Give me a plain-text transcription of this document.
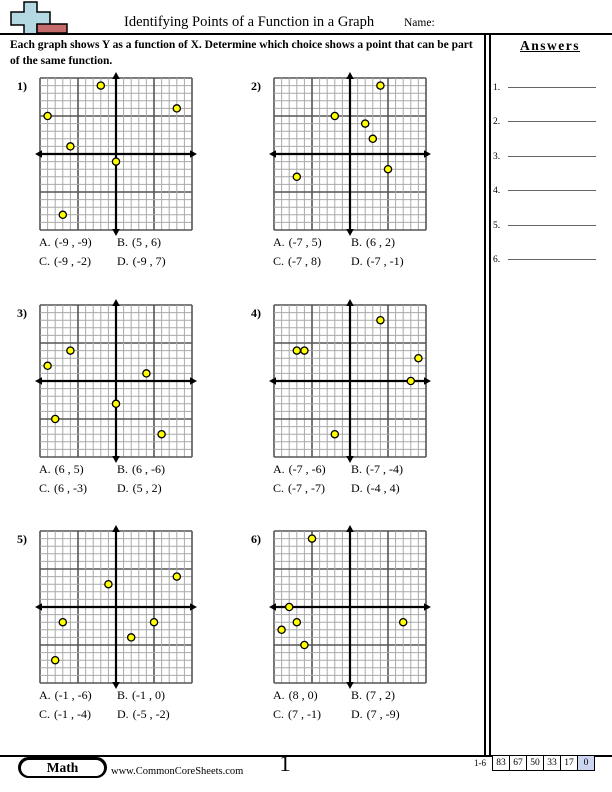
Identifying Points of a Function in a Graph	Name:
Each graph shows Y as a function of X. Determine which choice shows a point that can be part of the same function.
Answers
1.
2.
3.
4.
5.
6.
1)
A. (-9 , -9) B. (5 , 6)
C. (-9 , -2) D. (-9 , 7)
2)
A. (-7 , 5) B. (6 , 2)
C. (-7 , 8) D. (-7 , -1)
3)
A. (6 , 5)	B. (6 , -6)
C. (6 , -3) D. (5 , 2)
4)
A. (-7 , -6) B. (-7 , -4)
C. (-7 , -7) D. (-4 , 4)
5)
A. (-1 , -6) B. (-1 , 0)
C. (-1 , -4) D. (-5 , -2)
6)
A. (8 , 0)	B. (7 , 2)
C. (7 , -1) D. (7 , -9)
Math	www.CommonCoreSheets.com	1	1-6	83 67 50 33 17	0
